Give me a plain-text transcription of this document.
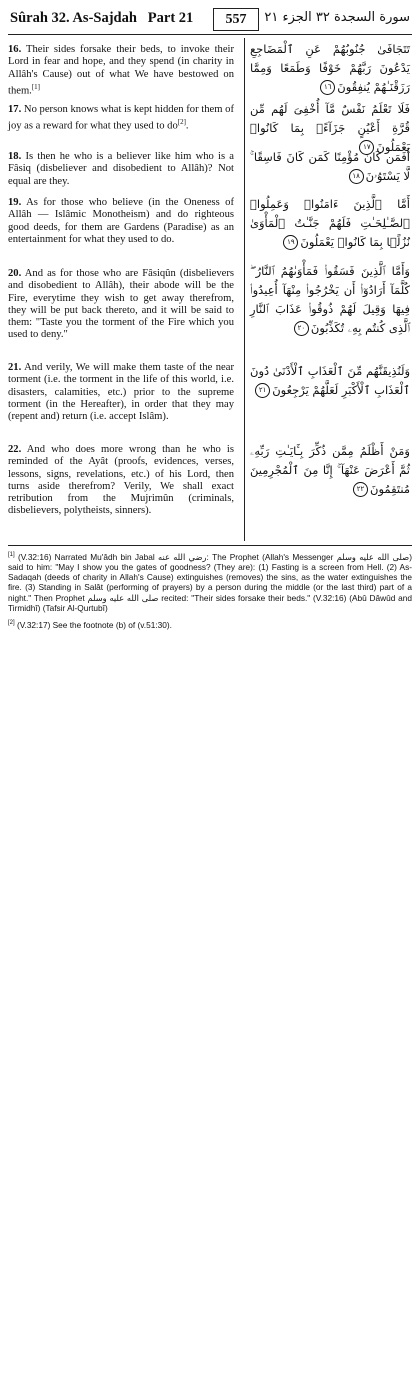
Sûrah 32. As-Sajdah Part 21	557	سورة السجدة ٣٢ الجزء ٢١
16. Their sides forsake their beds, to invoke their Lord in fear and hope, and they spend (in charity in Allâh's Cause) out of what We have bestowed on them.[1]
تَتَجَافَىٰ جُنُوبُهُمْ عَنِ ٱلْمَضَاجِعِ يَدْعُونَ رَبَّهُمْ خَوْفًا وَطَمَعًا وَمِمَّا رَزَقْنَـٰهُمْ يُنفِقُونَ١٦
17. No person knows what is kept hidden for them of joy as a reward for what they used to do[2].
فَلَا تَعْلَمُ نَفْسٌ مَّآ أُخْفِىَ لَهُم مِّن قُرَّةِ أَعْيُنٍ جَزَآءًۢ بِمَا كَانُوا۟ يَعْمَلُونَ١٧
18. Is then he who is a believer like him who is a Fâsiq (disbeliever and disobedient to Allâh)? Not equal are they.
أَفَمَن كَانَ مُؤْمِنًا كَمَن كَانَ فَاسِقًا ۚ لَّا يَسْتَوُۥنَ١٨
19. As for those who believe (in the Oneness of Allâh — Islâmic Monotheism) and do righteous good deeds, for them are Gardens (Paradise) as an entertainment for what they used to do.
أَمَّا ٱلَّذِينَ ءَامَنُوا۟ وَعَمِلُوا۟ ٱلصَّـٰلِحَـٰتِ فَلَهُمْ جَنَّـٰتُ ٱلْمَأْوَىٰ نُزُلًۢا بِمَا كَانُوا۟ يَعْمَلُونَ١٩
20. And as for those who are Fâsiqûn (disbelievers and disobedient to Allâh), their abode will be the Fire, everytime they wish to get away therefrom, they will be put back thereto, and it will be said to them: "Taste you the torment of the Fire which you used to deny."
وَأَمَّا ٱلَّذِينَ فَسَقُوا۟ فَمَأْوَىٰهُمُ ٱلنَّارُ ۖ كُلَّمَآ أَرَادُوٓا۟ أَن يَخْرُجُوا۟ مِنْهَآ أُعِيدُوا۟ فِيهَا وَقِيلَ لَهُمْ ذُوقُوا۟ عَذَابَ ٱلنَّارِ ٱلَّذِى كُنتُم بِهِۦ تُكَذِّبُونَ٢٠
21. And verily, We will make them taste of the near torment (i.e. the torment in the life of this world, i.e. disasters, calamities, etc.) prior to the supreme torment (in the Hereafter), in order that they may (repent and) return (i.e. accept Islâm).
وَلَنُذِيقَنَّهُم مِّنَ ٱلْعَذَابِ ٱلْأَدْنَىٰ دُونَ ٱلْعَذَابِ ٱلْأَكْبَرِ لَعَلَّهُمْ يَرْجِعُونَ٢١
22. And who does more wrong than he who is reminded of the Ayât (proofs, evidences, verses, lessons, signs, revelations, etc.) of his Lord, then turns aside therefrom? Verily, We shall exact retribution from the Mujrimûn (criminals, disbelievers, polytheists, sinners).
وَمَنْ أَظْلَمُ مِمَّن ذُكِّرَ بِـَٔايَـٰتِ رَبِّهِۦ ثُمَّ أَعْرَضَ عَنْهَآ ۚ إِنَّا مِنَ ٱلْمُجْرِمِينَ مُنتَقِمُونَ٢٢
[1] (V.32:16) Narrated Mu'âdh bin Jabal رضي الله عنه: The Prophet (Allah's Messenger صلى الله عليه وسلم) said to him: "May I show you the gates of goodness? (They are): (1) Fasting is a screen from Hell. (2) As-Sadaqah (deeds of charity in Allah's Cause) extinguishes (removes) the sins, as the water extinguishes the fire. (3) Standing in Salât (performing of prayers) by a person during the middle (or the last third) part of a night." Then Prophet صلى الله عليه وسلم recited: "Their sides forsake their beds." (V.32:16) (Abû Dâwûd and Tirmidhî) (Tafsir Al-Qurtubî)
[2] (V.32:17) See the footnote (b) of (v.51:30).
